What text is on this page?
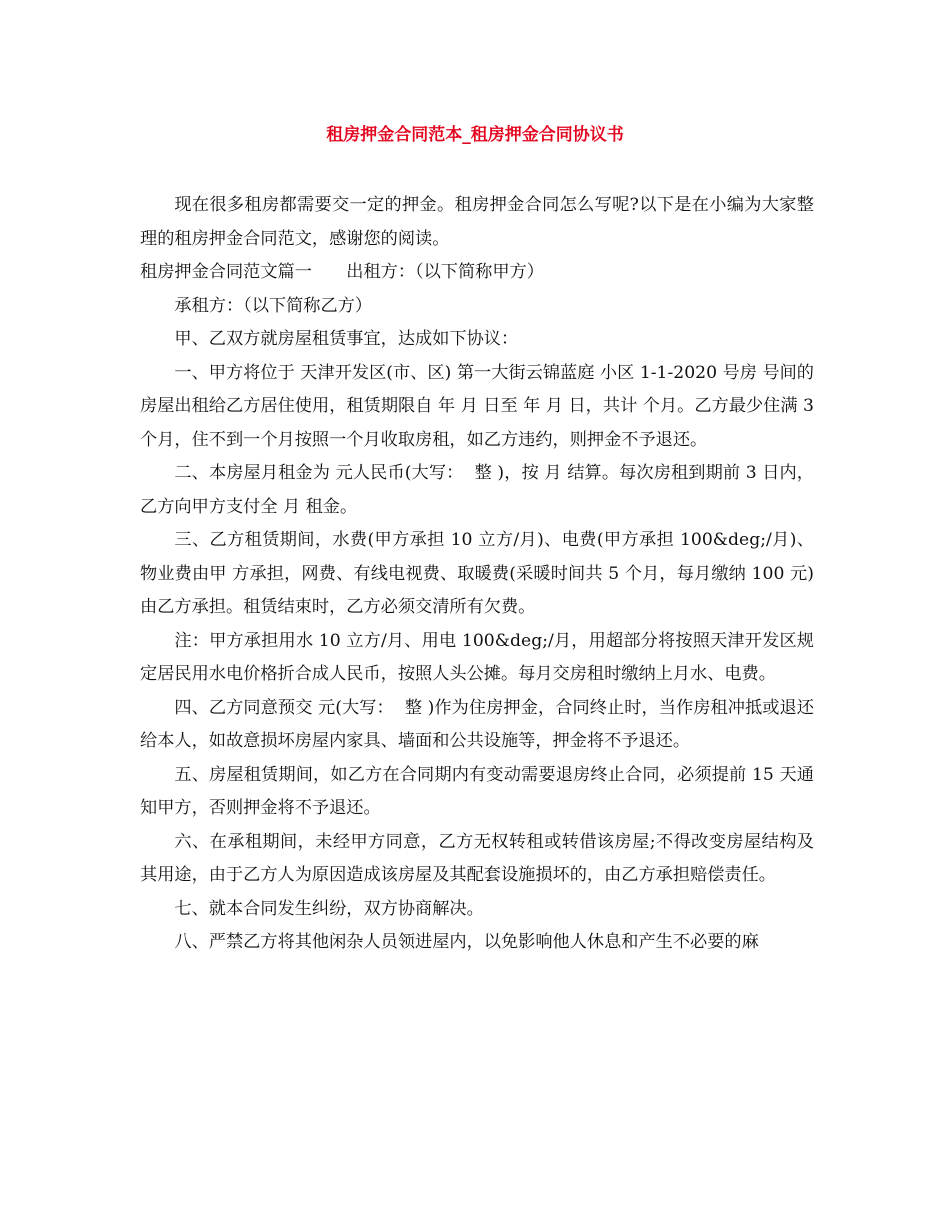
租房押金合同范本_租房押金合同协议书

现在很多租房都需要交一定的押金。租房押金合同怎么写呢?以下是在小编为大家整理的租房押金合同范文，感谢您的阅读。

租房押金合同范文篇一　　出租方：（以下简称甲方）

承租方：（以下简称乙方）

甲、乙双方就房屋租赁事宜，达成如下协议：

一、甲方将位于 天津开发区(市、区) 第一大街云锦蓝庭 小区 1-1-2020 号房 号间的房屋出租给乙方居住使用，租赁期限自 年 月 日至 年 月 日，共计 个月。乙方最少住满 3 个月，住不到一个月按照一个月收取房租，如乙方违约，则押金不予退还。

二、本房屋月租金为 元人民币(大写：  整 )，按 月 结算。每次房租到期前 3 日内，乙方向甲方支付全 月 租金。

三、乙方租赁期间，水费(甲方承担 10 立方/月)、电费(甲方承担 100&deg;/月)、物业费由甲 方承担，网费、有线电视费、取暖费(采暖时间共 5 个月，每月缴纳 100 元)由乙方承担。租赁结束时，乙方必须交清所有欠费。

注：甲方承担用水 10 立方/月、用电 100&deg;/月，用超部分将按照天津开发区规定居民用水电价格折合成人民币，按照人头公摊。每月交房租时缴纳上月水、电费。

四、乙方同意预交 元(大写：  整 )作为住房押金，合同终止时，当作房租冲抵或退还给本人，如故意损坏房屋内家具、墙面和公共设施等，押金将不予退还。

五、房屋租赁期间，如乙方在合同期内有变动需要退房终止合同，必须提前 15 天通知甲方，否则押金将不予退还。

六、在承租期间，未经甲方同意，乙方无权转租或转借该房屋;不得改变房屋结构及其用途，由于乙方人为原因造成该房屋及其配套设施损坏的，由乙方承担赔偿责任。

七、就本合同发生纠纷，双方协商解决。

八、严禁乙方将其他闲杂人员领进屋内，以免影响他人休息和产生不必要的麻
